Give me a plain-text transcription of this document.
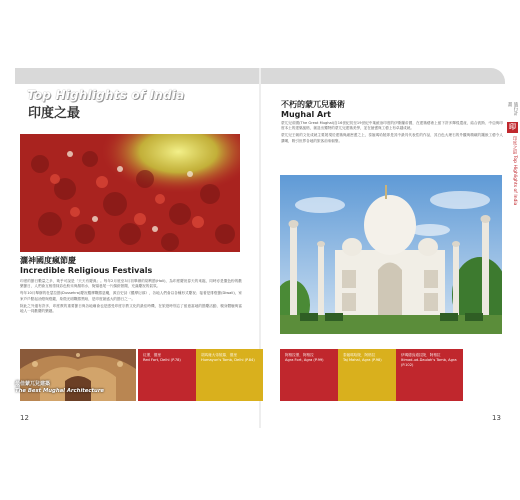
Top Highlights of India
印度之最
灑神國度瘋節慶
Incredible Religious Festivals

印度的節日數量之多，幾乎可說是「天天有慶典」。每年2月底至3月初舉辦的胡利節(Holi)，為印度慶祝春天的來臨，同時亦是撒色粉的歡樂節日，人們會互相塗抹彩色粉末與顏料水，街頭巷尾一片繽紛熱鬧，充滿慶祝的氣氛。

每年10月舉辦的杜瑟拉節(Dussehra)慶祝羅摩戰勝惡魔，源自史詩《羅摩衍那》，各地人們會以各種形式慶祝；接著是排燈節(Diwali)，家家戶戶點起油燈與燈籠，象徵光明戰勝黑暗，是印度最盛大的節日之一。

除此之外還有許多，印度教的重要節日與各地廟會也是感受印度宗教文化的最佳時機，在旅遊時別忘了留意當地的節慶活動，親身體驗與當地人一同歡慶的樂趣。

不朽的蒙兀兒藝術
Mughal Art

蒙兀兒帝國(The Great Mughal)自16世紀初至19世紀中葉統治印度的伊斯蘭帝國，在建築藝術上留下許多輝煌遺產，結合波斯、中亞與印度本土的建築風格，創造出獨特的蒙兀兒建築美學，並在繪畫與工藝上有卓越成就。

蒙兀兒王朝的文化成就主要展現於建築與細密畫之上，泰姬瑪哈陵即是其中最具代表性的作品，其白色大理石的外觀與精緻的鑲嵌工藝令人讚嘆，吸引世界各地的旅客前來朝聖。

旅行計畫
印
印度之最 Top Highlights of India
最佳蒙兀兒建築
The Best Mughal Architecture
紅堡．德里
Red Fort, Delhi (P.78)
胡馬雍大帝陵墓．德里
Humayun's Tomb, Delhi (P.84)
阿格拉堡．阿格拉
Agra Fort, Agra (P.99)
泰姬瑪哈陵．阿格拉
Taj Mahal, Agra (P.98)
伊瑪德烏道拉陵．阿格拉
Itimad-ud-Daulah's Tomb, Agra (P.102)
12	13
